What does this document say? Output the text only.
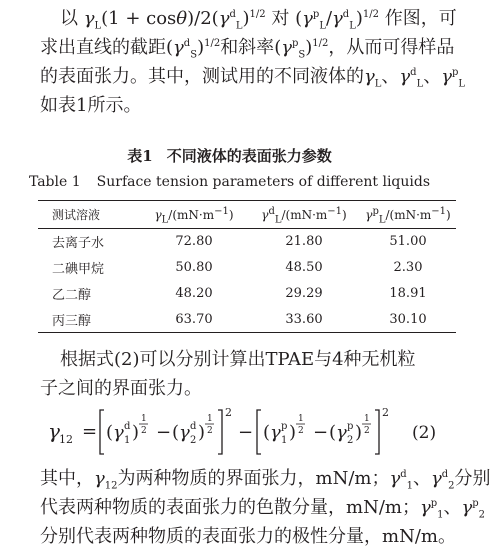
以 $\gamma_L(1 + \cos\theta)/2(\gamma^d_L)^{1/2}$ 对 $(\gamma^p_L/\gamma^d_L)^{1/2}$ 作图，可
求出直线的截距$(\gamma^d_S)^{1/2}$和斜率$(\gamma^p_S)^{1/2}$，从而可得样品
的表面张力。其中，测试用的不同液体的$\gamma_L$、$\gamma^d_L$、$\gamma^p_L$
如表1所示。
表1 不同液体的表面张力参数
Table 1 Surface tension parameters of different liquids
测试溶液	$\gamma_L/(mN\cdot m^{-1})$	$\gamma^d_L/(mN\cdot m^{-1})$	$\gamma^p_L/(mN\cdot m^{-1})$
去离子水	72.80	21.80	51.00
二碘甲烷	50.80	48.50	2.30
乙二醇	48.20	29.29	18.91
丙三醇	63.70	33.60	30.10
根据式(2)可以分别计算出TPAE与4种无机粒
子之间的界面张力。
γ 12 = ( γ d
1 )
1
2 − ( γ d
2 )
1
2
2
− ( γ p
1 )
1
2 − ( γ p
2 )
1
2
2
(2)
其中，$\gamma_{12}$为两种物质的界面张力，mN/m；$\gamma^d_1$、$\gamma^d_2$分别
代表两种物质的表面张力的色散分量，mN/m；$\gamma^p_1$、$\gamma^p_2$
分别代表两种物质的表面张力的极性分量，mN/m。
